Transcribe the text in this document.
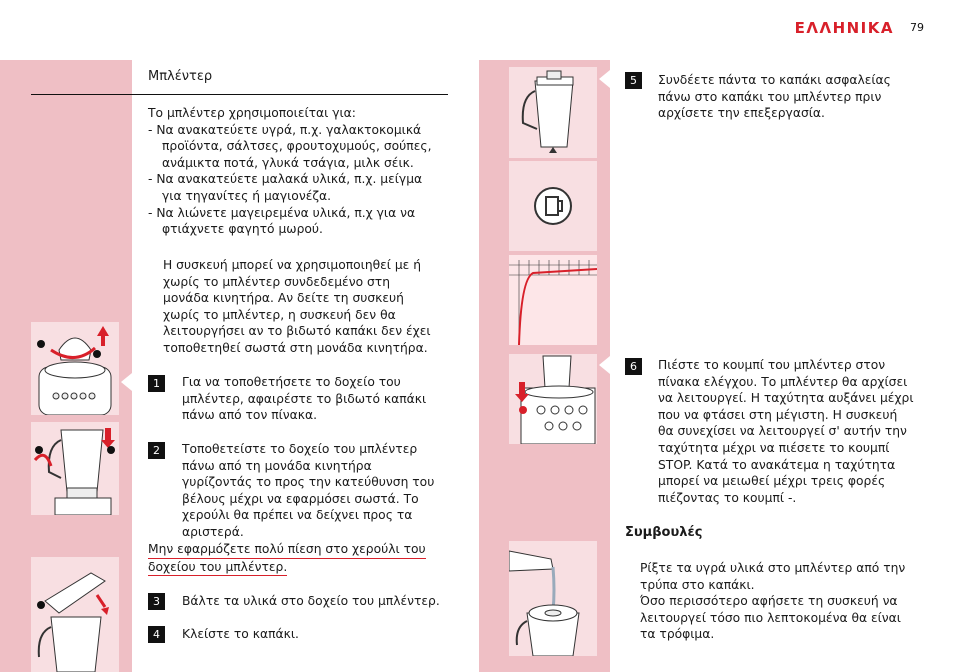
ΕΛΛΗΝΙΚΑ 79
Μπλέντερ
Το μπλέντερ χρησιμοποιείται για:
- Να ανακατεύετε υγρά, π.χ. γαλακτοκομικά
προϊόντα, σάλτσες, φρουτοχυμούς, σούπες,
ανάμικτα ποτά, γλυκά τσάγια, μιλκ σέικ.
- Να ανακατεύετε μαλακά υλικά, π.χ. μείγμα
για τηγανίτες ή μαγιονέζα.
- Να λιώνετε μαγειρεμένα υλικά, π.χ για να
φτιάχνετε φαγητό μωρού.
Η συσκευή μπορεί να χρησιμοποιηθεί με ή
χωρίς το μπλέντερ συνδεδεμένο στη
μονάδα κινητήρα. Αν δείτε τη συσκευή
χωρίς το μπλέντερ, η συσκευή δεν θα
λειτουργήσει αν το βιδωτό καπάκι δεν έχει
τοποθετηθεί σωστά στη μονάδα κινητήρα.
1	Για να τοποθετήσετε το δοχείο του
μπλέντερ, αφαιρέστε το βιδωτό καπάκι
πάνω από τον πίνακα.
2	Τοποθετείστε το δοχείο του μπλέντερ
πάνω από τη μονάδα κινητήρα
γυρίζοντάς το προς την κατεύθυνση του
βέλους μέχρι να εφαρμόσει σωστά. Το
χερούλι θα πρέπει να δείχνει προς τα
αριστερά.
Μην εφαρμόζετε πολύ πίεση στο χερούλι του
δοχείου του μπλέντερ.
3	Βάλτε τα υλικά στο δοχείο του μπλέντερ.
4	Κλείστε το καπάκι.
5	Συνδέετε πάντα το καπάκι ασφαλείας
πάνω στο καπάκι του μπλέντερ πριν
αρχίσετε την επεξεργασία.
6	Πιέστε το κουμπί του μπλέντερ στον
πίνακα ελέγχου. Το μπλέντερ θα αρχίσει
να λειτουργεί. Η ταχύτητα αυξάνει μέχρι
που να φτάσει στη μέγιστη. Η συσκευή
θα συνεχίσει να λειτουργεί σ' αυτήν την
ταχύτητα μέχρι να πιέσετε το κουμπί
STOP. Κατά το ανακάτεμα η ταχύτητα
μπορεί να μειωθεί μέχρι τρεις φορές
πιέζοντας το κουμπί -.
Συμβουλές
Ρίξτε τα υγρά υλικά στο μπλέντερ από την
τρύπα στο καπάκι.
Όσο περισσότερο αφήσετε τη συσκευή να
λειτουργεί τόσο πιο λεπτοκομένα θα είναι
τα τρόφιμα.
